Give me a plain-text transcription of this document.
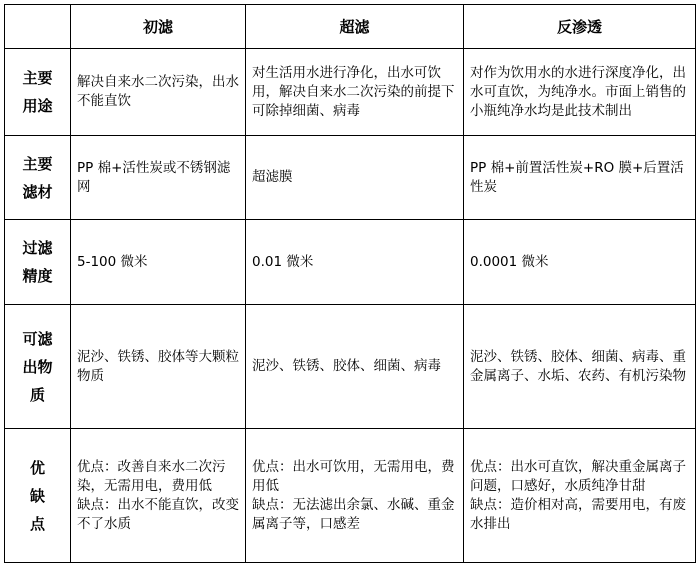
	初滤	超滤	反渗透

主要
用途	解决自来水二次污染，出水不能直饮	对生活用水进行净化，出水可饮用，解决自来水二次污染的前提下可除掉细菌、病毒	对作为饮用水的水进行深度净化，出水可直饮，为纯净水。市面上销售的小瓶纯净水均是此技术制出

主要
滤材	PP 棉+活性炭或不锈钢滤网	超滤膜	PP 棉+前置活性炭+RO 膜+后置活性炭

过滤
精度	5-100 微米	0.01 微米	0.0001 微米

可滤
出物
质	泥沙、铁锈、胶体等大颗粒物质	泥沙、铁锈、胶体、细菌、病毒	泥沙、铁锈、胶体、细菌、病毒、重金属离子、水垢、农药、有机污染物

优
缺
点	优点：改善自来水二次污染，无需用电，费用低
缺点：出水不能直饮，改变不了水质	优点：出水可饮用，无需用电，费用低
缺点：无法滤出余氯、水碱、重金属离子等，口感差	优点：出水可直饮，解决重金属离子问题，口感好，水质纯净甘甜
缺点：造价相对高，需要用电，有废水排出
